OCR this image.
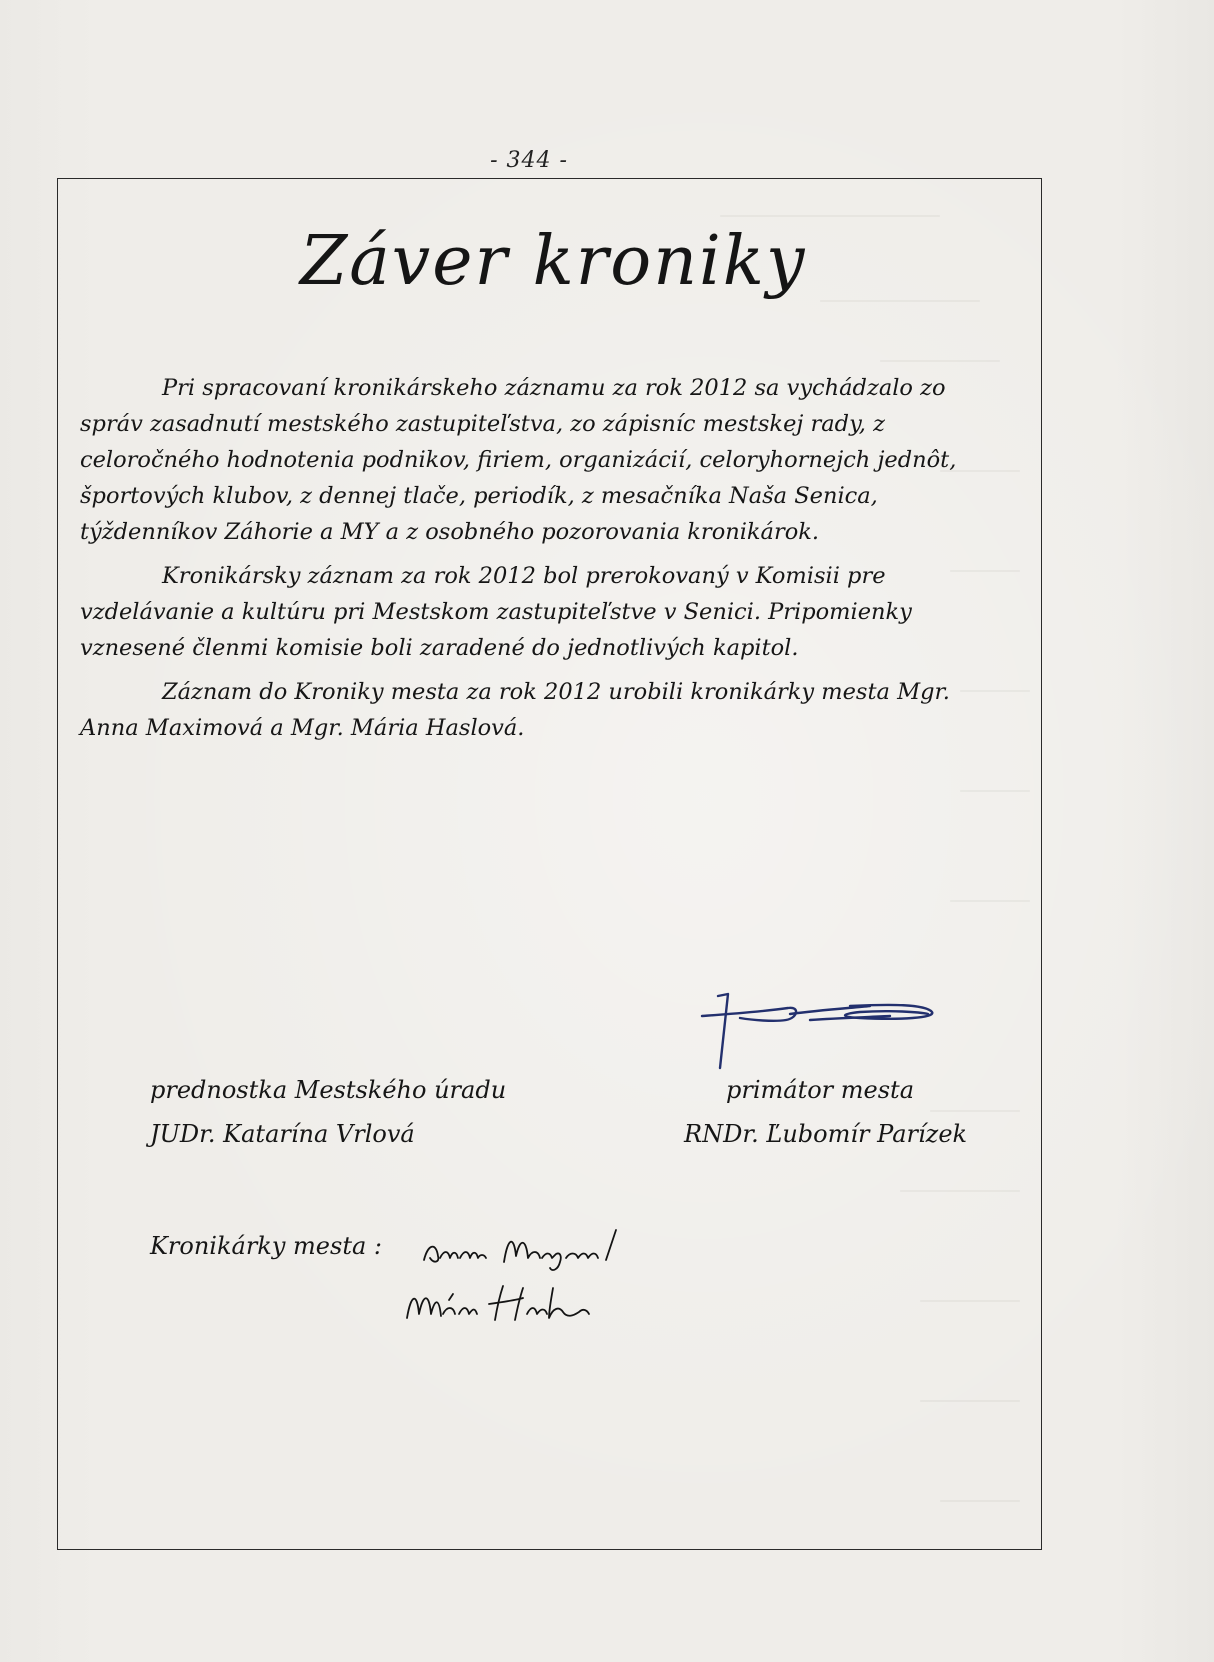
- 344 -
Záver kroniky

Pri spracovaní kronikárskeho záznamu za rok 2012 sa vychádzalo zo správ zasadnutí mestského zastupiteľstva, zo zápisníc mestskej rady, z celoročného hodnotenia podnikov, firiem, organizácií, celoryhornejch jednôt, športových klubov, z dennej tlače, periodík, z mesačníka Naša Senica, týždenníkov Záhorie a MY a z osobného pozorovania kronikárok.

Kronikársky záznam za rok 2012 bol prerokovaný v Komisii pre vzdelávanie a kultúru pri Mestskom zastupiteľstve v Senici. Pripomienky vznesené členmi komisie boli zaradené do jednotlivých kapitol.

Záznam do Kroniky mesta za rok 2012 urobili kronikárky mesta Mgr. Anna Maximová a Mgr. Mária Haslová.

prednostka Mestského úradu
JUDr. Katarína Vrlová
primátor mesta
RNDr. Ľubomír Parízek
Kronikárky mesta :
